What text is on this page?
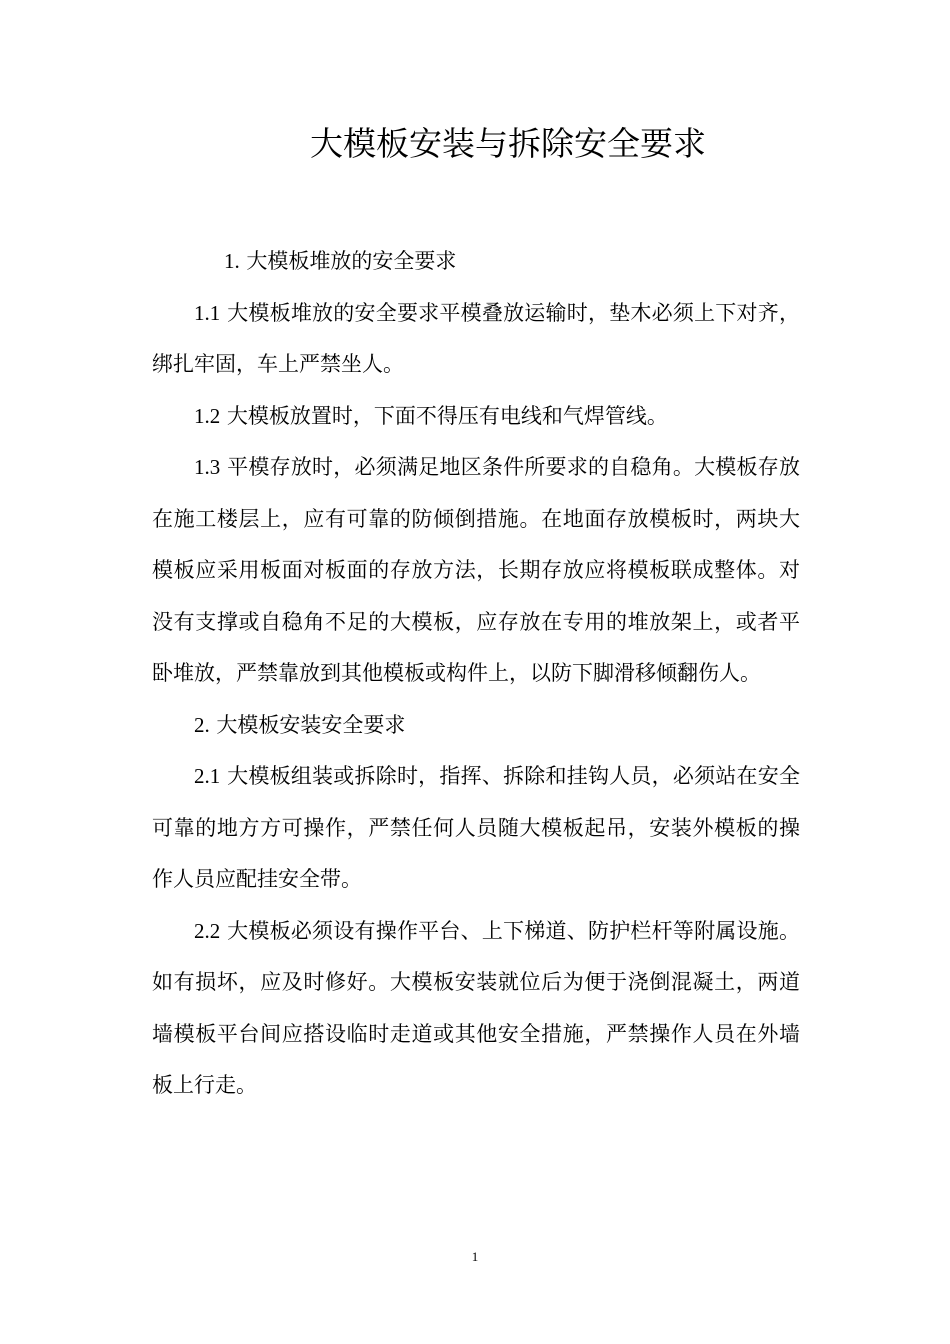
大模板安装与拆除安全要求

1. 大模板堆放的安全要求

1.1 大模板堆放的安全要求平模叠放运输时，垫木必须上下对齐，绑扎牢固，车上严禁坐人。

1.2 大模板放置时，下面不得压有电线和气焊管线。

1.3 平模存放时，必须满足地区条件所要求的自稳角。大模板存放在施工楼层上，应有可靠的防倾倒措施。在地面存放模板时，两块大模板应采用板面对板面的存放方法，长期存放应将模板联成整体。对没有支撑或自稳角不足的大模板，应存放在专用的堆放架上，或者平卧堆放，严禁靠放到其他模板或构件上，以防下脚滑移倾翻伤人。

2. 大模板安装安全要求

2.1 大模板组装或拆除时，指挥、拆除和挂钩人员，必须站在安全可靠的地方方可操作，严禁任何人员随大模板起吊，安装外模板的操作人员应配挂安全带。

2.2 大模板必须设有操作平台、上下梯道、防护栏杆等附属设施。如有损坏，应及时修好。大模板安装就位后为便于浇倒混凝土，两道墙模板平台间应搭设临时走道或其他安全措施，严禁操作人员在外墙板上行走。

1
